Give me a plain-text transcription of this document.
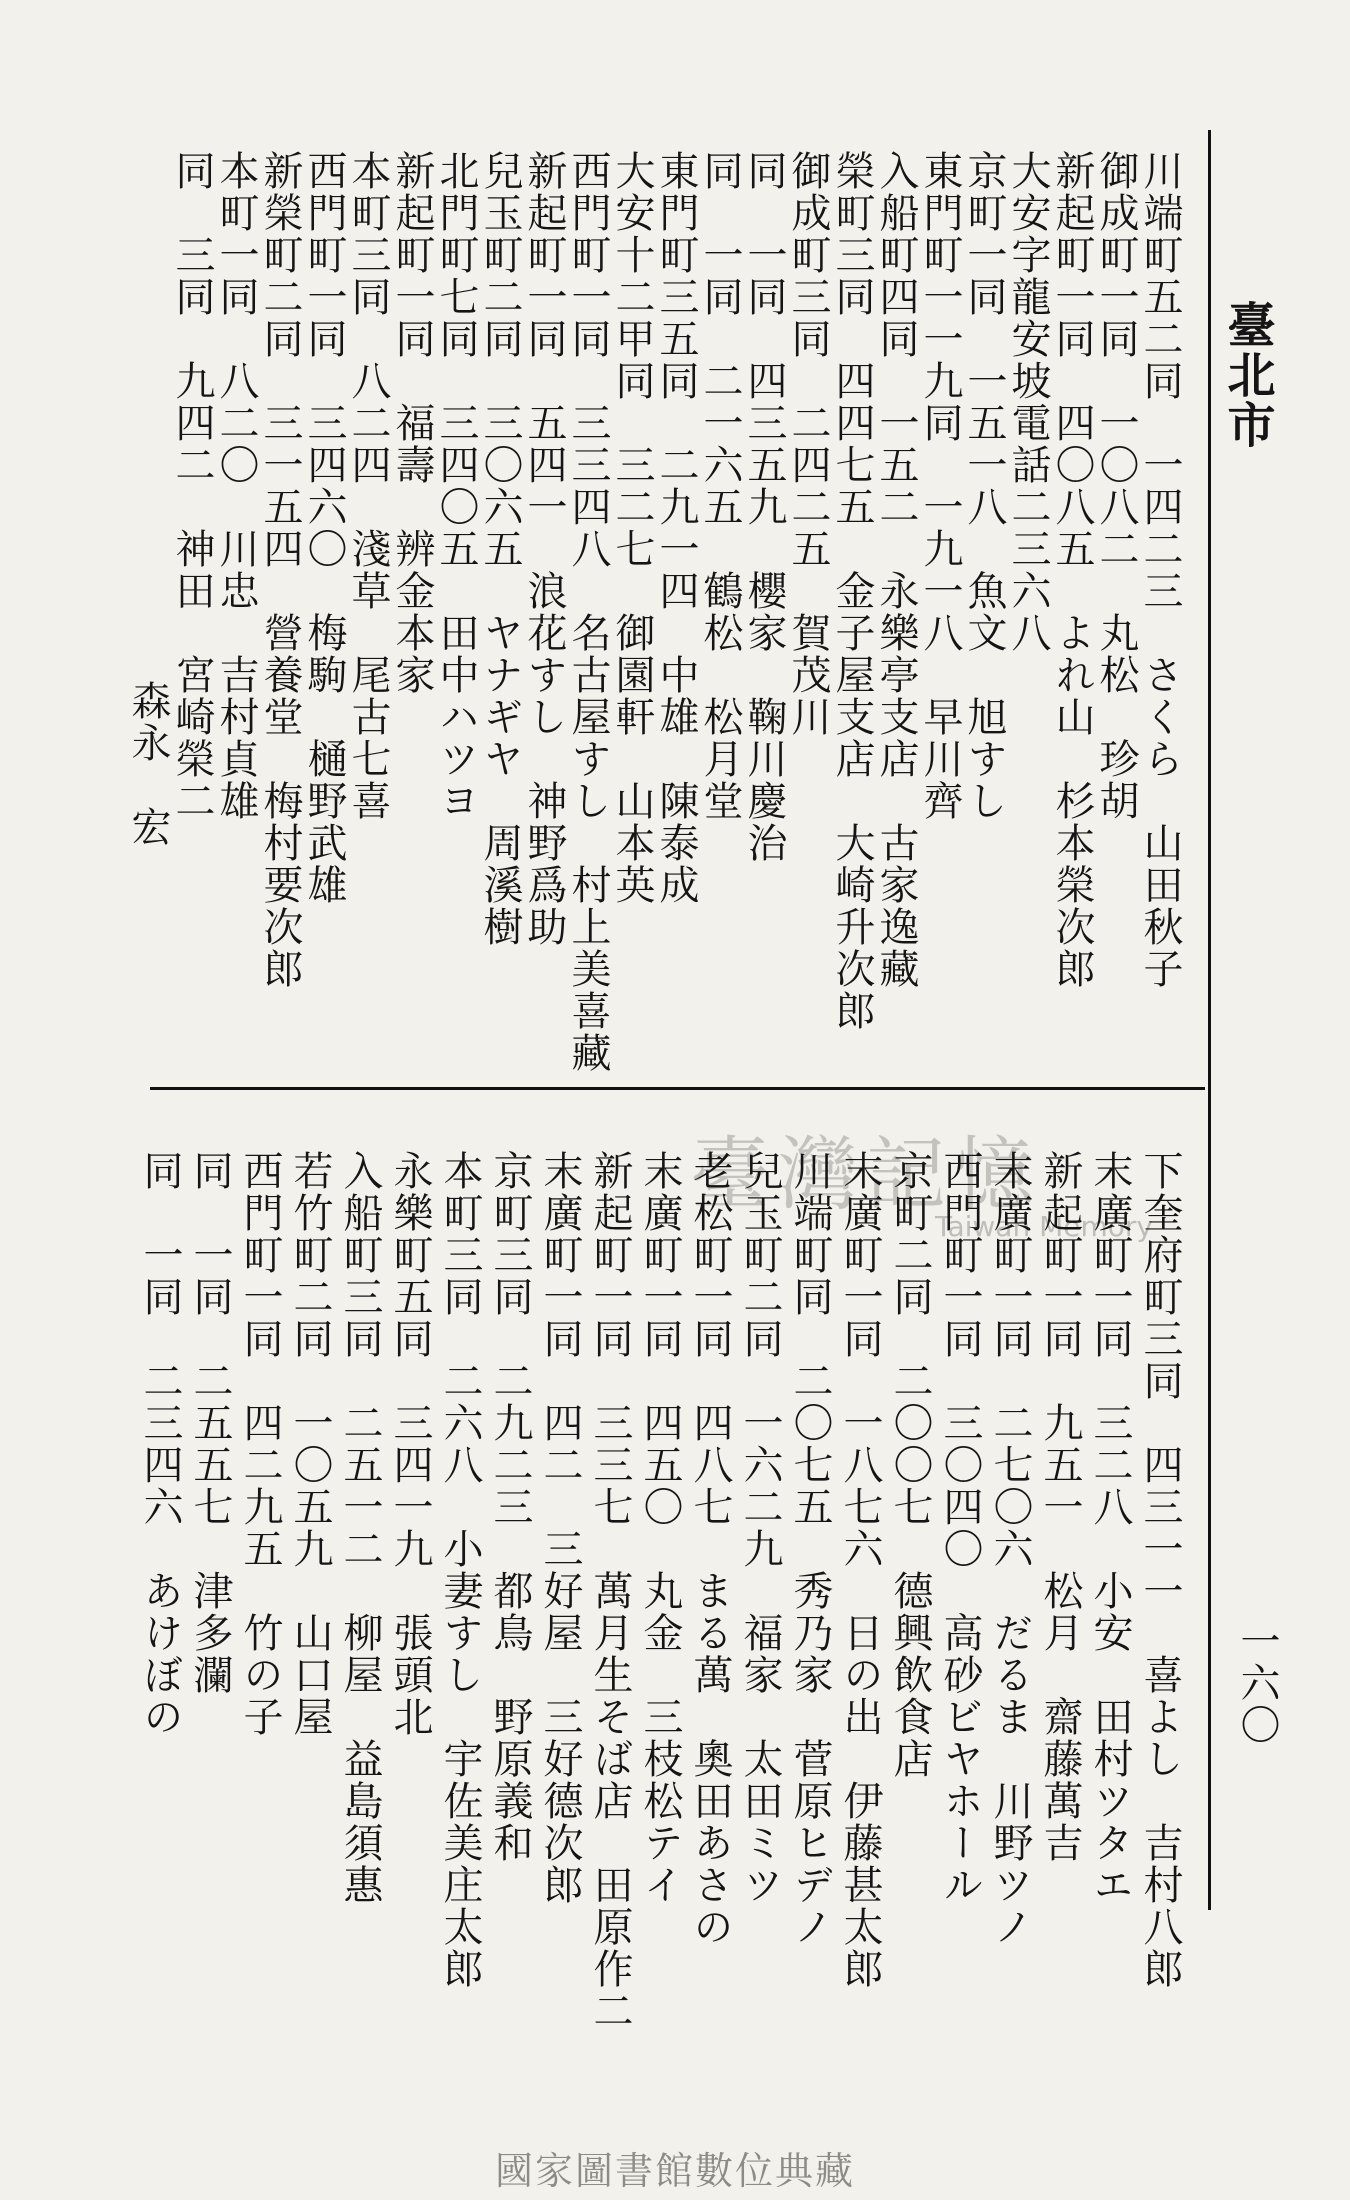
臺北市
一六〇
川端町五二同　一四二三　さくら　山田秋子
御成町一同　一〇八二　丸松　珍胡
新起町一同　四〇八五　よれ山　杉本榮次郎
大安字龍安坡電話二三六八
京町一同　一五一八　魚文　旭すし
東門町一一九同　一九一八　早川齊
入船町四同　一五二　永樂亭支店　古家逸藏
榮町三同　四四七五　金子屋支店　大崎升次郎
御成町三同　二四二五　賀茂川
同　一同　四三五九　櫻家　鞠川慶治
同　一同　二一六五　鶴松　松月堂
東門町三五同　二九一四　中雄　陳泰成
大安十二甲同　三二七　御園軒　山本英
西門町一同　三三四八　名古屋すし　村上美喜藏
新起町一同　五四一　浪花すし　神野爲助
兒玉町二同　三〇六五　ヤナギヤ　周溪樹
北門町七同　三四〇五　田中ハツヨ
新起町一同　福壽　辨金本家
本町三同　八二四　淺草　尾古七喜
西門町一同　三四六〇　梅駒　樋野武雄
新榮町二同　三一五四　營養堂　梅村要次郎
本町一同　八二〇　川忠　吉村貞雄
同　三同　九四二　神田　宮崎榮二
森永　宏
臺灣記憶
Taiwan Memory
下奎府町三同　四三一一　喜よし　吉村八郎
末廣町一同　三二八　小安　田村ツタエ
新起町一同　九五一　松月　齋藤萬吉
末廣町一同　二七〇六　だるま　川野ツノ
西門町一同　三〇四〇　高砂ビヤホール
京町二同　二〇〇七　德興飲食店
末廣町一同　一八七六　日の出　伊藤甚太郎
川端町同　二〇七五　秀乃家　菅原ヒデノ
兒玉町二同　一六二九　福家　太田ミツ
老松町一同　四八七　まる萬　奧田あさの
末廣町一同　四五〇　丸金　三枝松テイ
新起町一同　三三七　萬月生そば店　田原作二
末廣町一同　四二　三好屋　三好德次郎
京町三同　二九二三　都鳥　野原義和
本町三同　二六八　小妻すし　宇佐美庄太郎
永樂町五同　三四一九　張頭北
入船町三同　二五一二　柳屋　益島須惠
若竹町二同　一〇五九　山口屋
西門町一同　四二九五　竹の子
同　一同　二五五七　津多瀾
同　一同　二三四六　あけぼの
國家圖書館數位典藏
